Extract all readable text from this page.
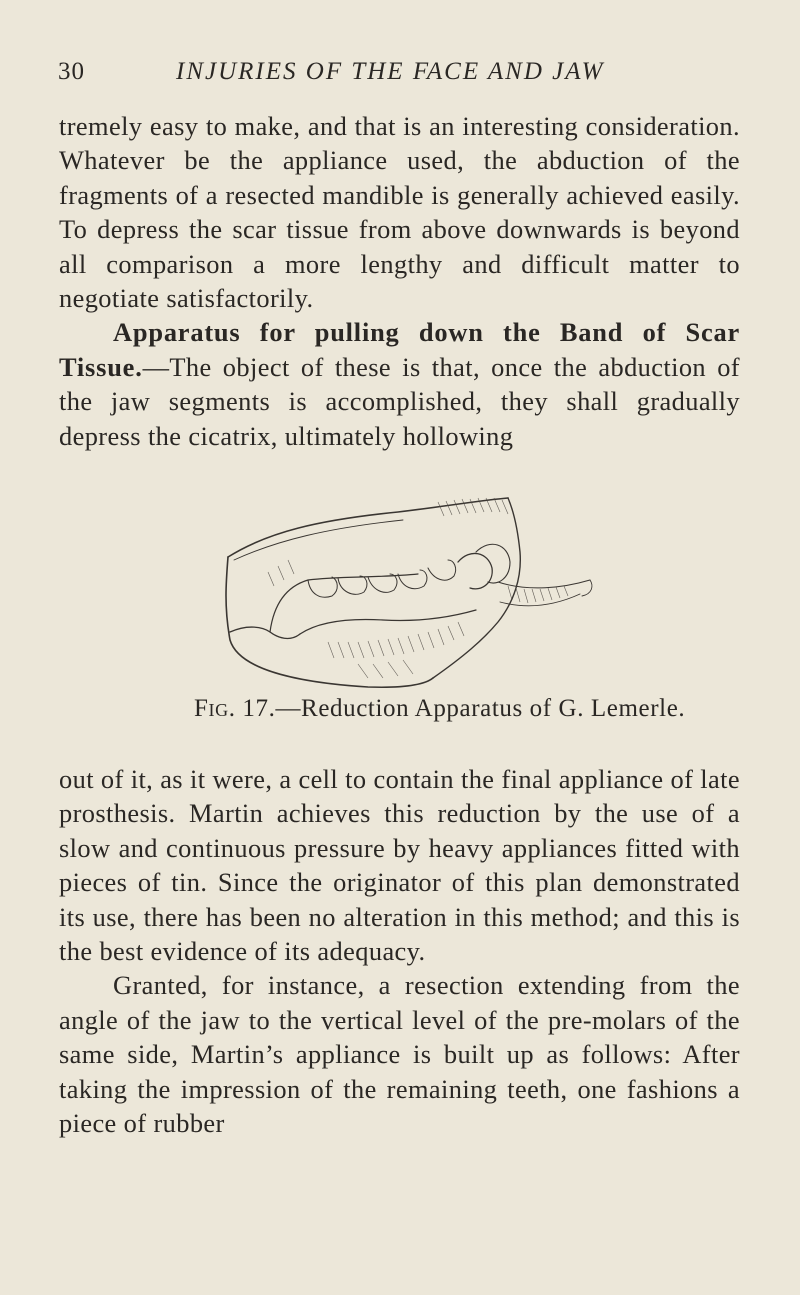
30	INJURIES OF THE FACE AND JAW

tremely easy to make, and that is an interesting consideration. Whatever be the appliance used, the abduction of the fragments of a resected mandible is generally achieved easily. To depress the scar tissue from above downwards is beyond all comparison a more lengthy and difficult matter to negotiate satisfactorily.

Apparatus for pulling down the Band of Scar Tissue.—The object of these is that, once the abduction of the jaw segments is accomplished, they shall gradually depress the cicatrix, ultimately hollowing

Fig. 17.—Reduction Apparatus of G. Lemerle.

out of it, as it were, a cell to contain the final appliance of late prosthesis. Martin achieves this reduction by the use of a slow and continuous pressure by heavy appliances fitted with pieces of tin. Since the originator of this plan demonstrated its use, there has been no alteration in this method; and this is the best evidence of its adequacy.

Granted, for instance, a resection extending from the angle of the jaw to the vertical level of the pre-molars of the same side, Martin’s appliance is built up as follows: After taking the impression of the remaining teeth, one fashions a piece of rubber
